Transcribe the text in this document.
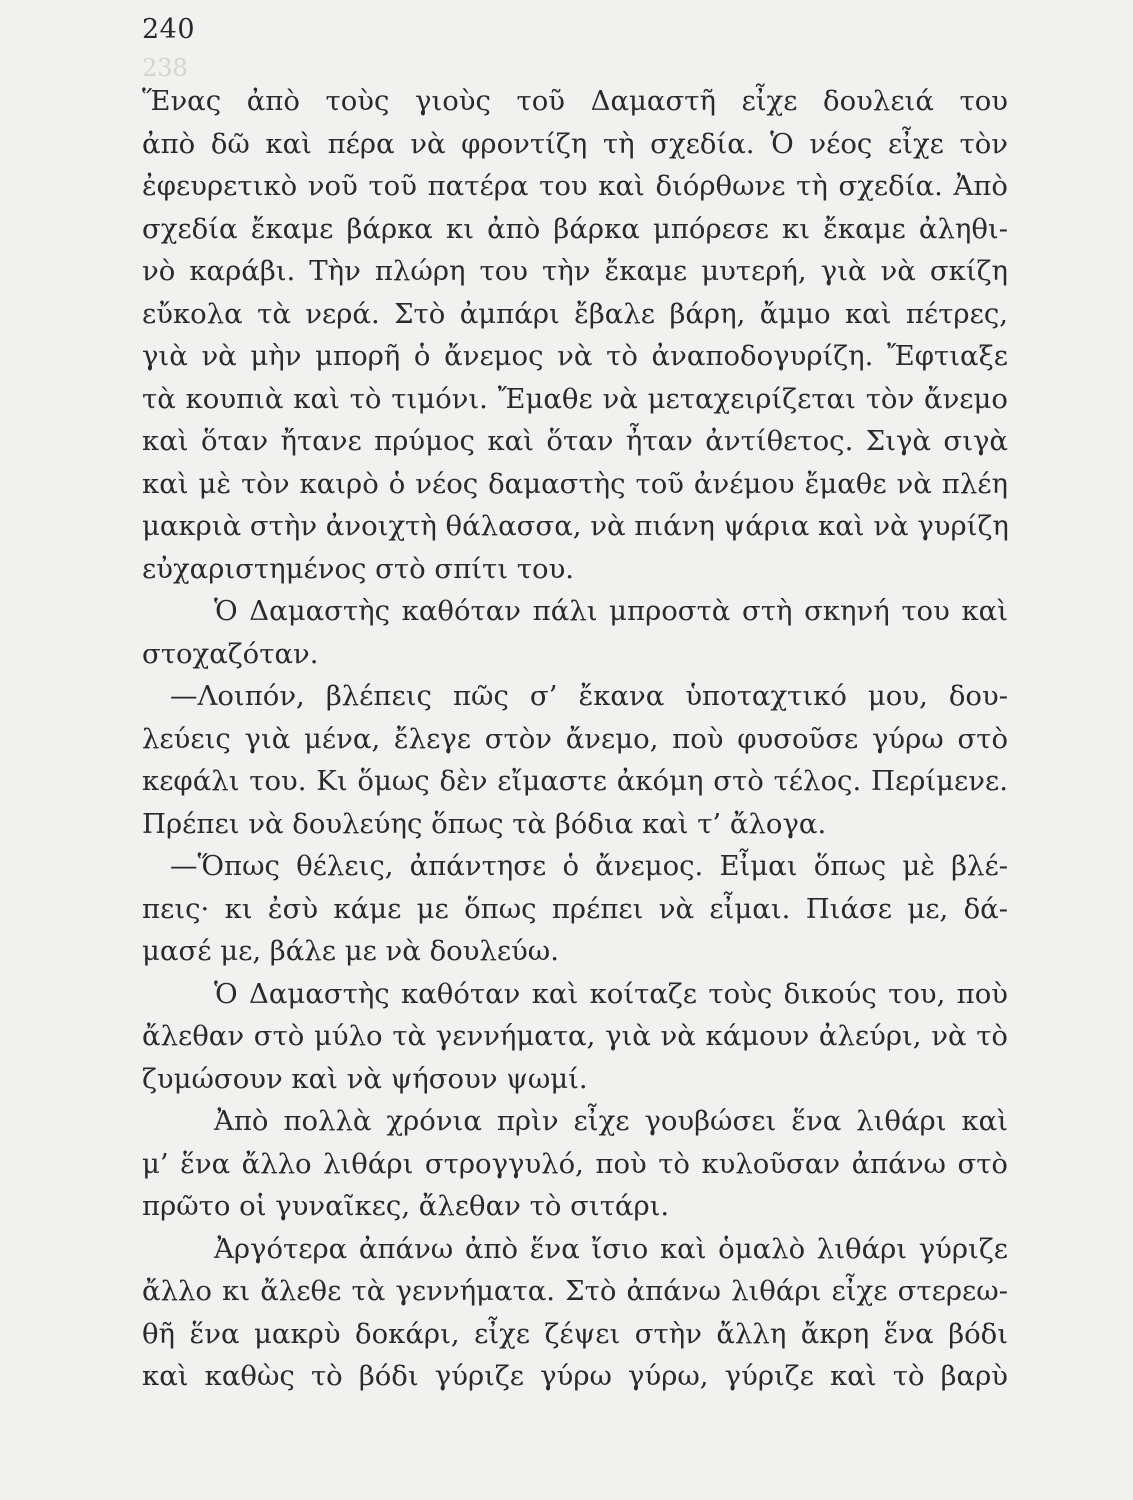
238
240
Ἕνας ἀπὸ τοὺς γιοὺς τοῦ Δαμαστῆ εἶχε δουλειά του
ἀπὸ δῶ καὶ πέρα νὰ φροντίζη τὴ σχεδία. Ὁ νέος εἶχε τὸν
ἐφευρετικὸ νοῦ τοῦ πατέρα του καὶ διόρθωνε τὴ σχεδία. Ἀπὸ
σχεδία ἔκαμε βάρκα κι ἀπὸ βάρκα μπόρεσε κι ἔκαμε ἀληθι-
νὸ καράβι. Τὴν πλώρη του τὴν ἔκαμε μυτερή, γιὰ νὰ σκίζη
εὔκολα τὰ νερά. Στὸ ἀμπάρι ἔβαλε βάρη, ἄμμο καὶ πέτρες,
γιὰ νὰ μὴν μπορῆ ὁ ἄνεμος νὰ τὸ ἀναποδογυρίζη. Ἔφτιαξε
τὰ κουπιὰ καὶ τὸ τιμόνι. Ἔμαθε νὰ μεταχειρίζεται τὸν ἄνεμο
καὶ ὅταν ἤτανε πρύμος καὶ ὅταν ἦταν ἀντίθετος. Σιγὰ σιγὰ
καὶ μὲ τὸν καιρὸ ὁ νέος δαμαστὴς τοῦ ἀνέμου ἔμαθε νὰ πλέη
μακριὰ στὴν ἀνοιχτὴ θάλασσα, νὰ πιάνη ψάρια καὶ νὰ γυρίζη
εὐχαριστημένος στὸ σπίτι του.
Ὁ Δαμαστὴς καθόταν πάλι μπροστὰ στὴ σκηνή του καὶ
στοχαζόταν.
—Λοιπόν, βλέπεις πῶς σ’ ἔκανα ὑποταχτικό μου, δου-
λεύεις γιὰ μένα, ἔλεγε στὸν ἄνεμο, ποὺ φυσοῦσε γύρω στὸ
κεφάλι του. Κι ὅμως δὲν εἴμαστε ἀκόμη στὸ τέλος. Περίμενε.
Πρέπει νὰ δουλεύης ὅπως τὰ βόδια καὶ τ’ ἄλογα.
—Ὅπως θέλεις, ἀπάντησε ὁ ἄνεμος. Εἶμαι ὅπως μὲ βλέ-
πεις· κι ἐσὺ κάμε με ὅπως πρέπει νὰ εἶμαι. Πιάσε με, δά-
μασέ με, βάλε με νὰ δουλεύω.
Ὁ Δαμαστὴς καθόταν καὶ κοίταζε τοὺς δικούς του, ποὺ
ἄλεθαν στὸ μύλο τὰ γεννήματα, γιὰ νὰ κάμουν ἀλεύρι, νὰ τὸ
ζυμώσουν καὶ νὰ ψήσουν ψωμί.
Ἀπὸ πολλὰ χρόνια πρὶν εἶχε γουβώσει ἕνα λιθάρι καὶ
μ’ ἕνα ἄλλο λιθάρι στρογγυλό, ποὺ τὸ κυλοῦσαν ἀπάνω στὸ
πρῶτο οἱ γυναῖκες, ἄλεθαν τὸ σιτάρι.
Ἀργότερα ἀπάνω ἀπὸ ἕνα ἴσιο καὶ ὁμαλὸ λιθάρι γύριζε
ἄλλο κι ἄλεθε τὰ γεννήματα. Στὸ ἀπάνω λιθάρι εἶχε στερεω-
θῆ ἕνα μακρὺ δοκάρι, εἶχε ζέψει στὴν ἄλλη ἄκρη ἕνα βόδι
καὶ καθὼς τὸ βόδι γύριζε γύρω γύρω, γύριζε καὶ τὸ βαρὺ
